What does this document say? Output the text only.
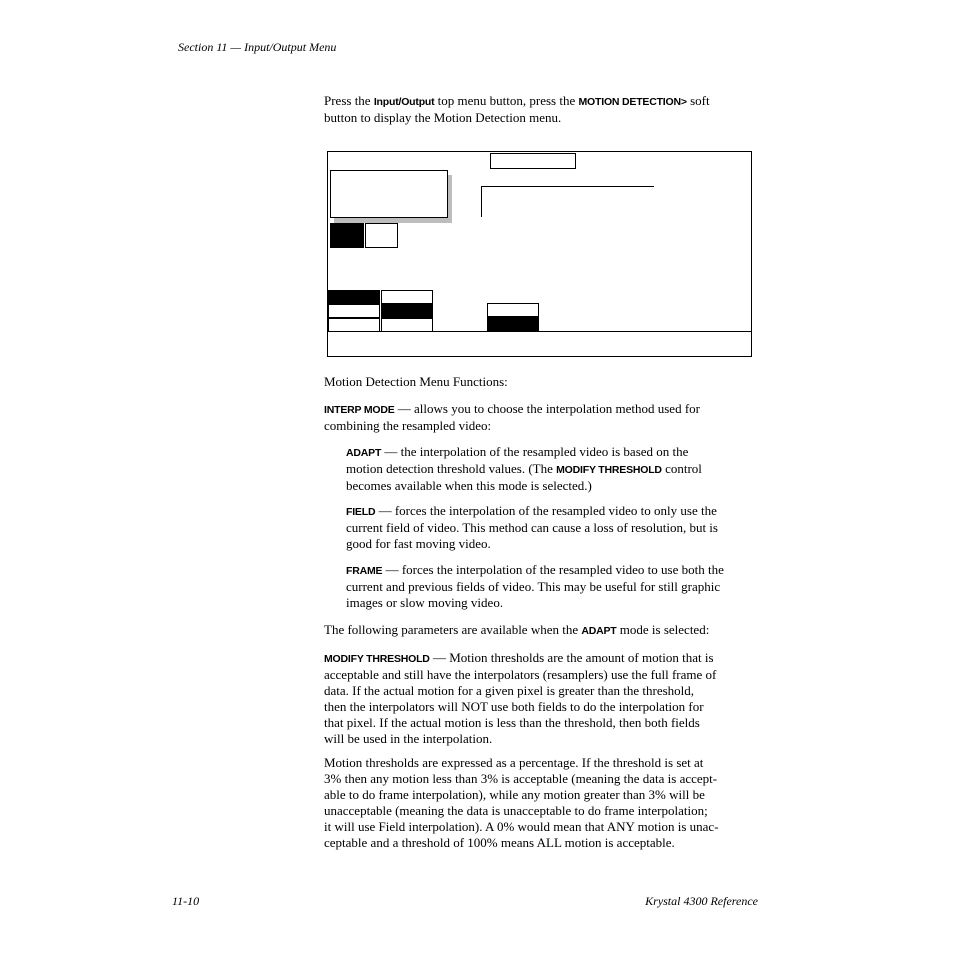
Section 11 — Input/Output Menu
Press the Input/Output top menu button, press the MOTION DETECTION> soft
button to display the Motion Detection menu.
Motion Detection Menu Functions:
INTERP MODE — allows you to choose the interpolation method used for
combining the resampled video:
ADAPT — the interpolation of the resampled video is based on the
motion detection threshold values. (The MODIFY THRESHOLD control
becomes available when this mode is selected.)
FIELD — forces the interpolation of the resampled video to only use the
current field of video. This method can cause a loss of resolution, but is
good for fast moving video.
FRAME — forces the interpolation of the resampled video to use both the
current and previous fields of video. This may be useful for still graphic
images or slow moving video.
The following parameters are available when the ADAPT mode is selected:
MODIFY THRESHOLD — Motion thresholds are the amount of motion that is
acceptable and still have the interpolators (resamplers) use the full frame of
data. If the actual motion for a given pixel is greater than the threshold,
then the interpolators will NOT use both fields to do the interpolation for
that pixel. If the actual motion is less than the threshold, then both fields
will be used in the interpolation.
Motion thresholds are expressed as a percentage. If the threshold is set at
3% then any motion less than 3% is acceptable (meaning the data is accept-
able to do frame interpolation), while any motion greater than 3% will be
unacceptable (meaning the data is unacceptable to do frame interpolation;
it will use Field interpolation). A 0% would mean that ANY motion is unac-
ceptable and a threshold of 100% means ALL motion is acceptable.
11-10	Krystal 4300 Reference
